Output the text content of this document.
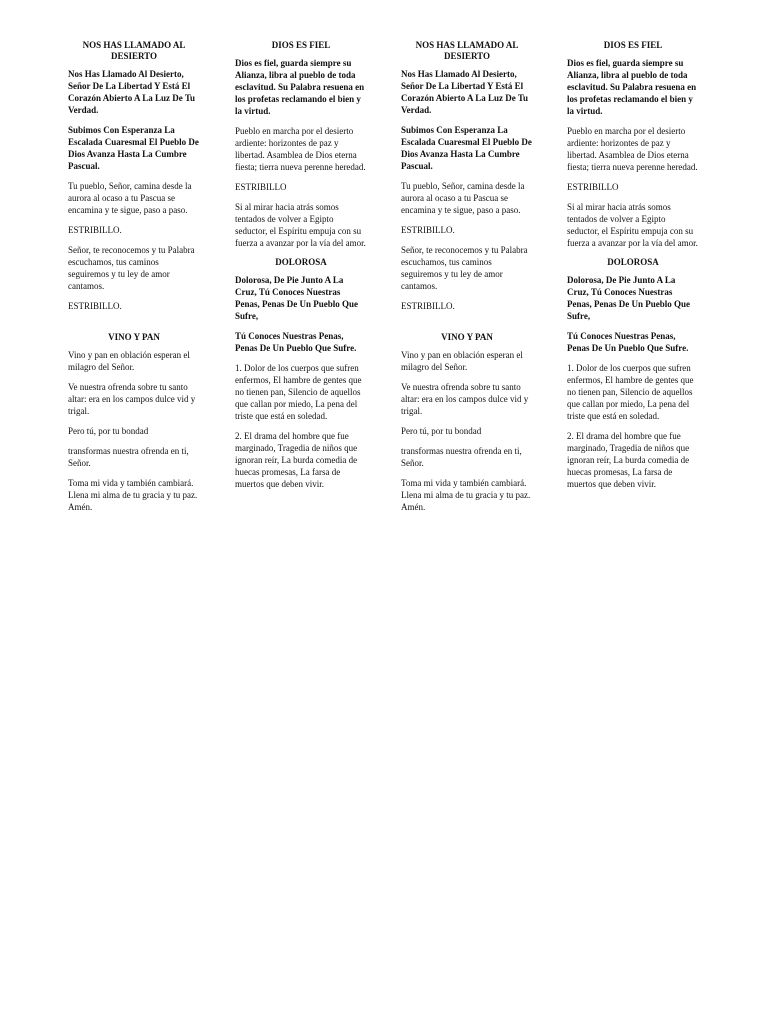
NOS HAS LLAMADO AL DESIERTO

Nos Has Llamado Al Desierto, Señor De La Libertad Y Está El Corazón Abierto A La Luz De Tu Verdad.

Subimos Con Esperanza La Escalada Cuaresmal El Pueblo De Dios Avanza Hasta La Cumbre Pascual.

Tu pueblo, Señor, camina desde la aurora al ocaso a tu Pascua se encamina y te sigue, paso a paso.

ESTRIBILLO.

Señor, te reconocemos y tu Palabra escuchamos, tus caminos seguiremos y tu ley de amor cantamos.

ESTRIBILLO.

VINO Y PAN

Vino y pan en oblación esperan el milagro del Señor.

Ve nuestra ofrenda sobre tu santo altar: era en los campos dulce vid y trigal.

Pero tú, por tu bondad

transformas nuestra ofrenda en ti, Señor.

Toma mi vida y también cambiará. Llena mi alma de tu gracia y tu paz. Amén.

DIOS ES FIEL

Dios es fiel, guarda siempre su Alianza, libra al pueblo de toda esclavitud. Su Palabra resuena en los profetas reclamando el bien y la virtud.

Pueblo en marcha por el desierto ardiente: horizontes de paz y libertad. Asamblea de Dios eterna fiesta; tierra nueva perenne heredad.

ESTRIBILLO

Si al mirar hacia atrás somos tentados de volver a Egipto seductor, el Espíritu empuja con su fuerza a avanzar por la vía del amor.

DOLOROSA

Dolorosa, De Pie Junto A La Cruz, Tú Conoces Nuestras Penas, Penas De Un Pueblo Que Sufre,

Tú Conoces Nuestras Penas, Penas De Un Pueblo Que Sufre.

1. Dolor de los cuerpos que sufren enfermos, El hambre de gentes que no tienen pan, Silencio de aquellos que callan por miedo, La pena del triste que está en soledad.

2. El drama del hombre que fue marginado, Tragedia de niños que ignoran reír, La burda comedia de huecas promesas, La farsa de muertos que deben vivir.

NOS HAS LLAMADO AL DESIERTO

Nos Has Llamado Al Desierto, Señor De La Libertad Y Está El Corazón Abierto A La Luz De Tu Verdad.

Subimos Con Esperanza La Escalada Cuaresmal El Pueblo De Dios Avanza Hasta La Cumbre Pascual.

Tu pueblo, Señor, camina desde la aurora al ocaso a tu Pascua se encamina y te sigue, paso a paso.

ESTRIBILLO.

Señor, te reconocemos y tu Palabra escuchamos, tus caminos seguiremos y tu ley de amor cantamos.

ESTRIBILLO.

VINO Y PAN

Vino y pan en oblación esperan el milagro del Señor.

Ve nuestra ofrenda sobre tu santo altar: era en los campos dulce vid y trigal.

Pero tú, por tu bondad

transformas nuestra ofrenda en ti, Señor.

Toma mi vida y también cambiará. Llena mi alma de tu gracia y tu paz. Amén.

DIOS ES FIEL

Dios es fiel, guarda siempre su Alianza, libra al pueblo de toda esclavitud. Su Palabra resuena en los profetas reclamando el bien y la virtud.

Pueblo en marcha por el desierto ardiente: horizontes de paz y libertad. Asamblea de Dios eterna fiesta; tierra nueva perenne heredad.

ESTRIBILLO

Si al mirar hacia atrás somos tentados de volver a Egipto seductor, el Espíritu empuja con su fuerza a avanzar por la vía del amor.

DOLOROSA

Dolorosa, De Pie Junto A La Cruz, Tú Conoces Nuestras Penas, Penas De Un Pueblo Que Sufre,

Tú Conoces Nuestras Penas, Penas De Un Pueblo Que Sufre.

1. Dolor de los cuerpos que sufren enfermos, El hambre de gentes que no tienen pan, Silencio de aquellos que callan por miedo, La pena del triste que está en soledad.

2. El drama del hombre que fue marginado, Tragedia de niños que ignoran reír, La burda comedia de huecas promesas, La farsa de muertos que deben vivir.
